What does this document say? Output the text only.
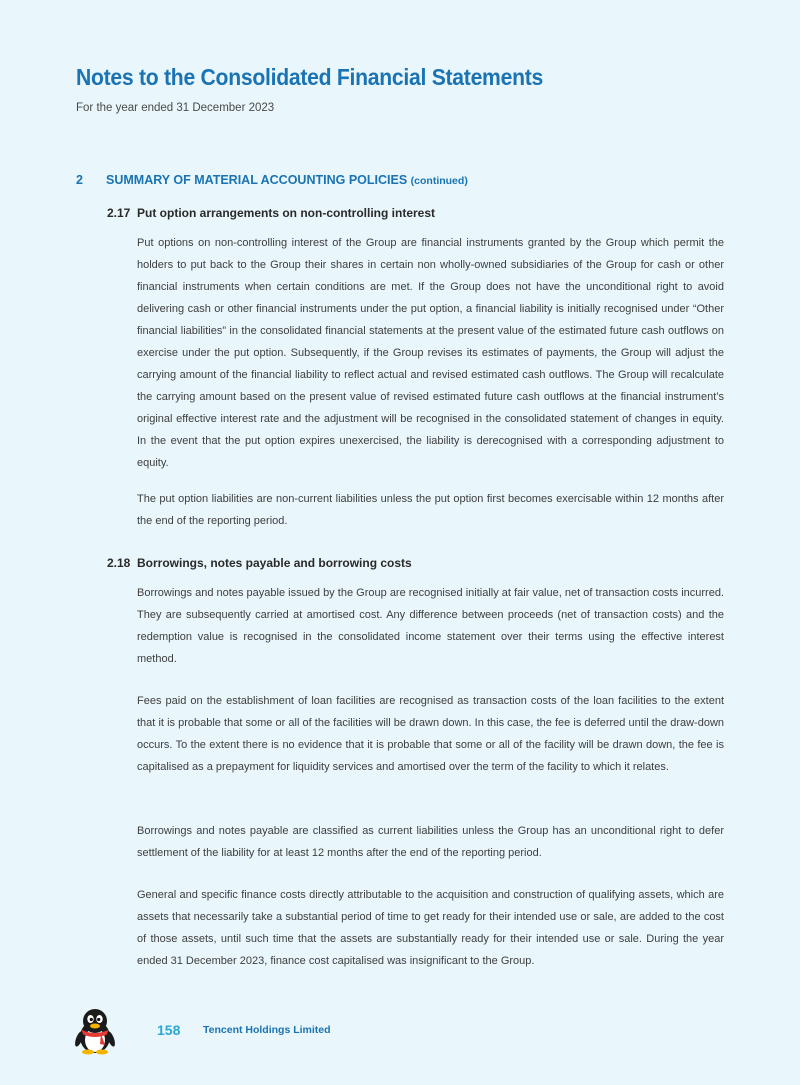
Notes to the Consolidated Financial Statements
For the year ended 31 December 2023
2 SUMMARY OF MATERIAL ACCOUNTING POLICIES (continued)
2.17 Put option arrangements on non-controlling interest

Put options on non-controlling interest of the Group are financial instruments granted by the Group which permit the holders to put back to the Group their shares in certain non wholly-owned subsidiaries of the Group for cash or other financial instruments when certain conditions are met. If the Group does not have the unconditional right to avoid delivering cash or other financial instruments under the put option, a financial liability is initially recognised under “Other financial liabilities” in the consolidated financial statements at the present value of the estimated future cash outflows on exercise under the put option. Subsequently, if the Group revises its estimates of payments, the Group will adjust the carrying amount of the financial liability to reflect actual and revised estimated cash outflows. The Group will recalculate the carrying amount based on the present value of revised estimated future cash outflows at the financial instrument’s original effective interest rate and the adjustment will be recognised in the consolidated statement of changes in equity. In the event that the put option expires unexercised, the liability is derecognised with a corresponding adjustment to equity.

The put option liabilities are non-current liabilities unless the put option first becomes exercisable within 12 months after the end of the reporting period.

2.18 Borrowings, notes payable and borrowing costs

Borrowings and notes payable issued by the Group are recognised initially at fair value, net of transaction costs incurred. They are subsequently carried at amortised cost. Any difference between proceeds (net of transaction costs) and the redemption value is recognised in the consolidated income statement over their terms using the effective interest method.

Fees paid on the establishment of loan facilities are recognised as transaction costs of the loan facilities to the extent that it is probable that some or all of the facilities will be drawn down. In this case, the fee is deferred until the draw-down occurs. To the extent there is no evidence that it is probable that some or all of the facility will be drawn down, the fee is capitalised as a prepayment for liquidity services and amortised over the term of the facility to which it relates.

Borrowings and notes payable are classified as current liabilities unless the Group has an unconditional right to defer settlement of the liability for at least 12 months after the end of the reporting period.

General and specific finance costs directly attributable to the acquisition and construction of qualifying assets, which are assets that necessarily take a substantial period of time to get ready for their intended use or sale, are added to the cost of those assets, until such time that the assets are substantially ready for their intended use or sale. During the year ended 31 December 2023, finance cost capitalised was insignificant to the Group.

158 Tencent Holdings Limited
